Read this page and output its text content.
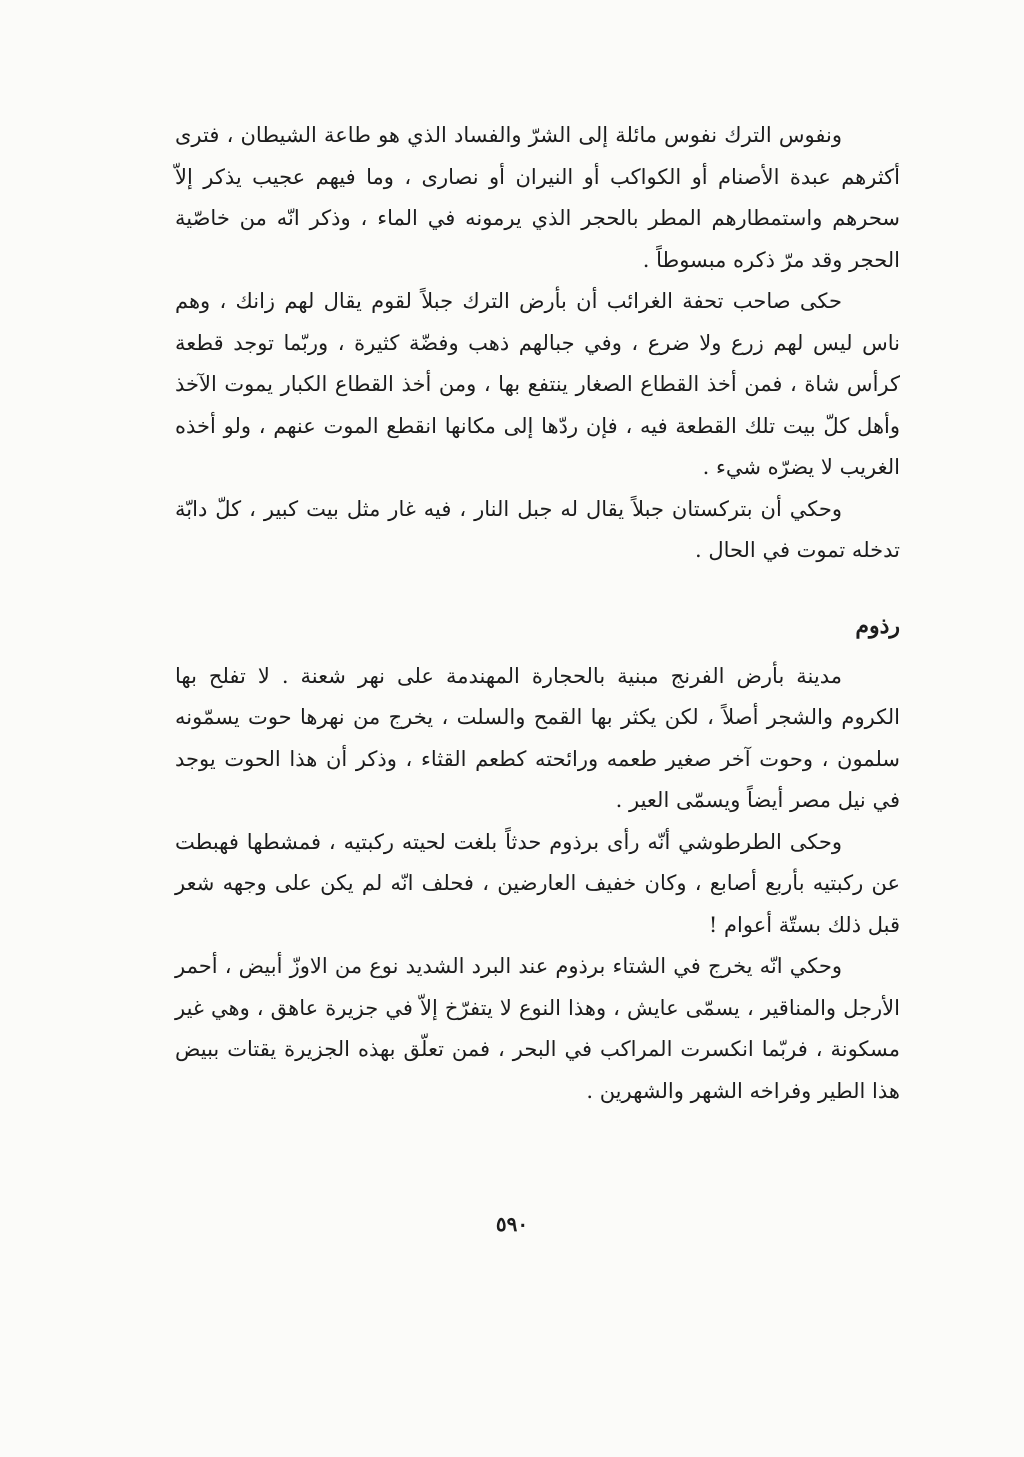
ونفوس الترك نفوس مائلة إلى الشرّ والفساد الذي هو طاعة الشيطان ، فترى أكثرهم عبدة الأصنام أو الكواكب أو النيران أو نصارى ، وما فيهم عجيب يذكر إلاّ سحرهم واستمطارهم المطر بالحجر الذي يرمونه في الماء ، وذكر انّه من خاصّية الحجر وقد مرّ ذكره مبسوطاً .

حكى صاحب تحفة الغرائب أن بأرض الترك جبلاً لقوم يقال لهم زانك ، وهم ناس ليس لهم زرع ولا ضرع ، وفي جبالهم ذهب وفضّة كثيرة ، وربّما توجد قطعة كرأس شاة ، فمن أخذ القطاع الصغار ينتفع بها ، ومن أخذ القطاع الكبار يموت الآخذ وأهل كلّ بيت تلك القطعة فيه ، فإن ردّها إلى مكانها انقطع الموت عنهم ، ولو أخذه الغريب لا يضرّه شيء .

وحكي أن بتركستان جبلاً يقال له جبل النار ، فيه غار مثل بيت كبير ، كلّ دابّة تدخله تموت في الحال .

رذوم

مدينة بأرض الفرنج مبنية بالحجارة المهندمة على نهر شعنة . لا تفلح بها الكروم والشجر أصلاً ، لكن يكثر بها القمح والسلت ، يخرج من نهرها حوت يسمّونه سلمون ، وحوت آخر صغير طعمه ورائحته كطعم القثاء ، وذكر أن هذا الحوت يوجد في نيل مصر أيضاً ويسمّى العير .

وحكى الطرطوشي أنّه رأى برذوم حدثاً بلغت لحيته ركبتيه ، فمشطها فهبطت عن ركبتيه بأربع أصابع ، وكان خفيف العارضين ، فحلف انّه لم يكن على وجهه شعر قبل ذلك بستّة أعوام !

وحكي انّه يخرج في الشتاء برذوم عند البرد الشديد نوع من الاوزّ أبيض ، أحمر الأرجل والمناقير ، يسمّى عايش ، وهذا النوع لا يتفرّخ إلاّ في جزيرة عاهق ، وهي غير مسكونة ، فربّما انكسرت المراكب في البحر ، فمن تعلّق بهذه الجزيرة يقتات ببيض هذا الطير وفراخه الشهر والشهرين .

٥٩٠
